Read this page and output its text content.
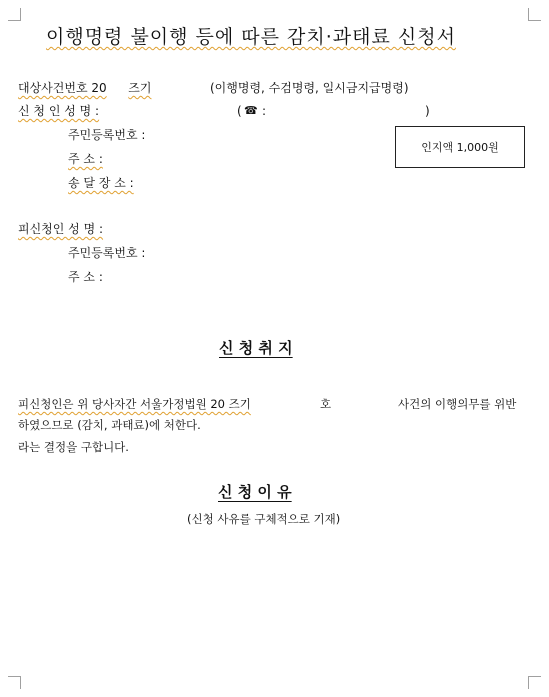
이행명령 불이행 등에 따른 감치·과태료 신청서
대상사건번호 20 즈기	(이행명령, 수검명령, 일시금지급명령)
신 청 인 성 명 :	( ☎ :	)
주민등록번호 :
주 소 :
송 달 장 소 :
인지액 1,000원
피신청인 성 명 :
주민등록번호 :
주 소 :
신 청 취 지
피신청인은 위 당사자간 서울가정법원 20 즈기	호	사건의 이행의무를 위반
하였으므로 (감치, 과태료)에 처한다.
라는 결정을 구합니다.
신 청 이 유
(신청 사유를 구체적으로 기재)
